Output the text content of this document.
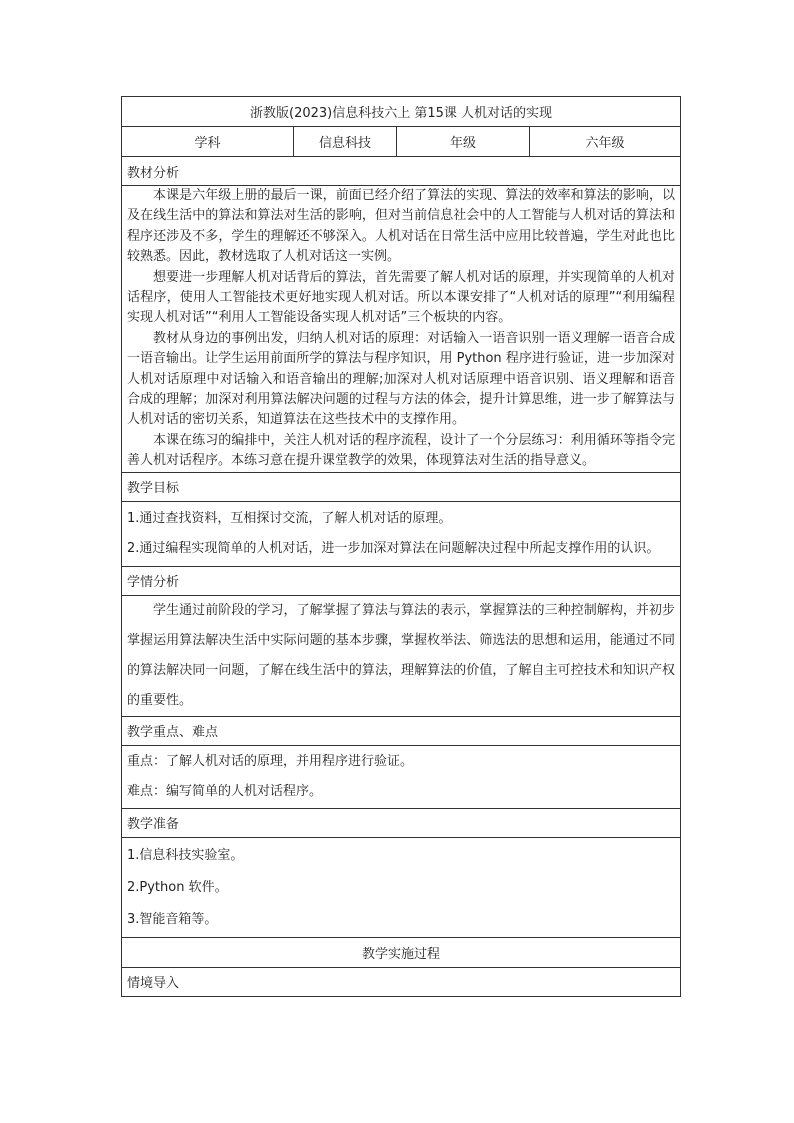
浙教版(2023)信息科技六上 第15课 人机对话的实现
学科	信息科技	年级	六年级
教材分析

本课是六年级上册的最后一课，前面已经介绍了算法的实现、算法的效率和算法的影响，以及在线生活中的算法和算法对生活的影响，但对当前信息社会中的人工智能与人机对话的算法和程序还涉及不多，学生的理解还不够深入。人机对话在日常生活中应用比较普遍，学生对此也比较熟悉。因此，教材选取了人机对话这一实例。

想要进一步理解人机对话背后的算法，首先需要了解人机对话的原理，并实现简单的人机对话程序，使用人工智能技术更好地实现人机对话。所以本课安排了“人机对话的原理”“利用编程实现人机对话”“利用人工智能设备实现人机对话”三个板块的内容。

教材从身边的事例出发，归纳人机对话的原理：对话输入一语音识别一语义理解一语音合成一语音输出。让学生运用前面所学的算法与程序知识，用 Python 程序进行验证，进一步加深对人机对话原理中对话输入和语音输出的理解;加深对人机对话原理中语音识别、语义理解和语音合成的理解；加深对利用算法解决问题的过程与方法的体会，提升计算思维，进一步了解算法与人机对话的密切关系，知道算法在这些技术中的支撑作用。

本课在练习的编排中，关注人机对话的程序流程，设计了一个分层练习：利用循环等指令完善人机对话程序。本练习意在提升课堂教学的效果，体现算法对生活的指导意义。

教学目标

1.通过查找资料，互相探讨交流，了解人机对话的原理。

2.通过编程实现简单的人机对话，进一步加深对算法在问题解决过程中所起支撑作用的认识。

学情分析
学生通过前阶段的学习，了解掌握了算法与算法的表示，掌握算法的三种控制解构，并初步掌握运用算法解决生活中实际问题的基本步骤，掌握枚举法、筛选法的思想和运用，能通过不同的算法解决同一问题，了解在线生活中的算法，理解算法的价值，了解自主可控技术和知识产权的重要性。
教学重点、难点

重点：了解人机对话的原理，并用程序进行验证。

难点：编写简单的人机对话程序。

教学准备

1.信息科技实验室。

2.Python 软件。

3.智能音箱等。

教学实施过程
情境导入
